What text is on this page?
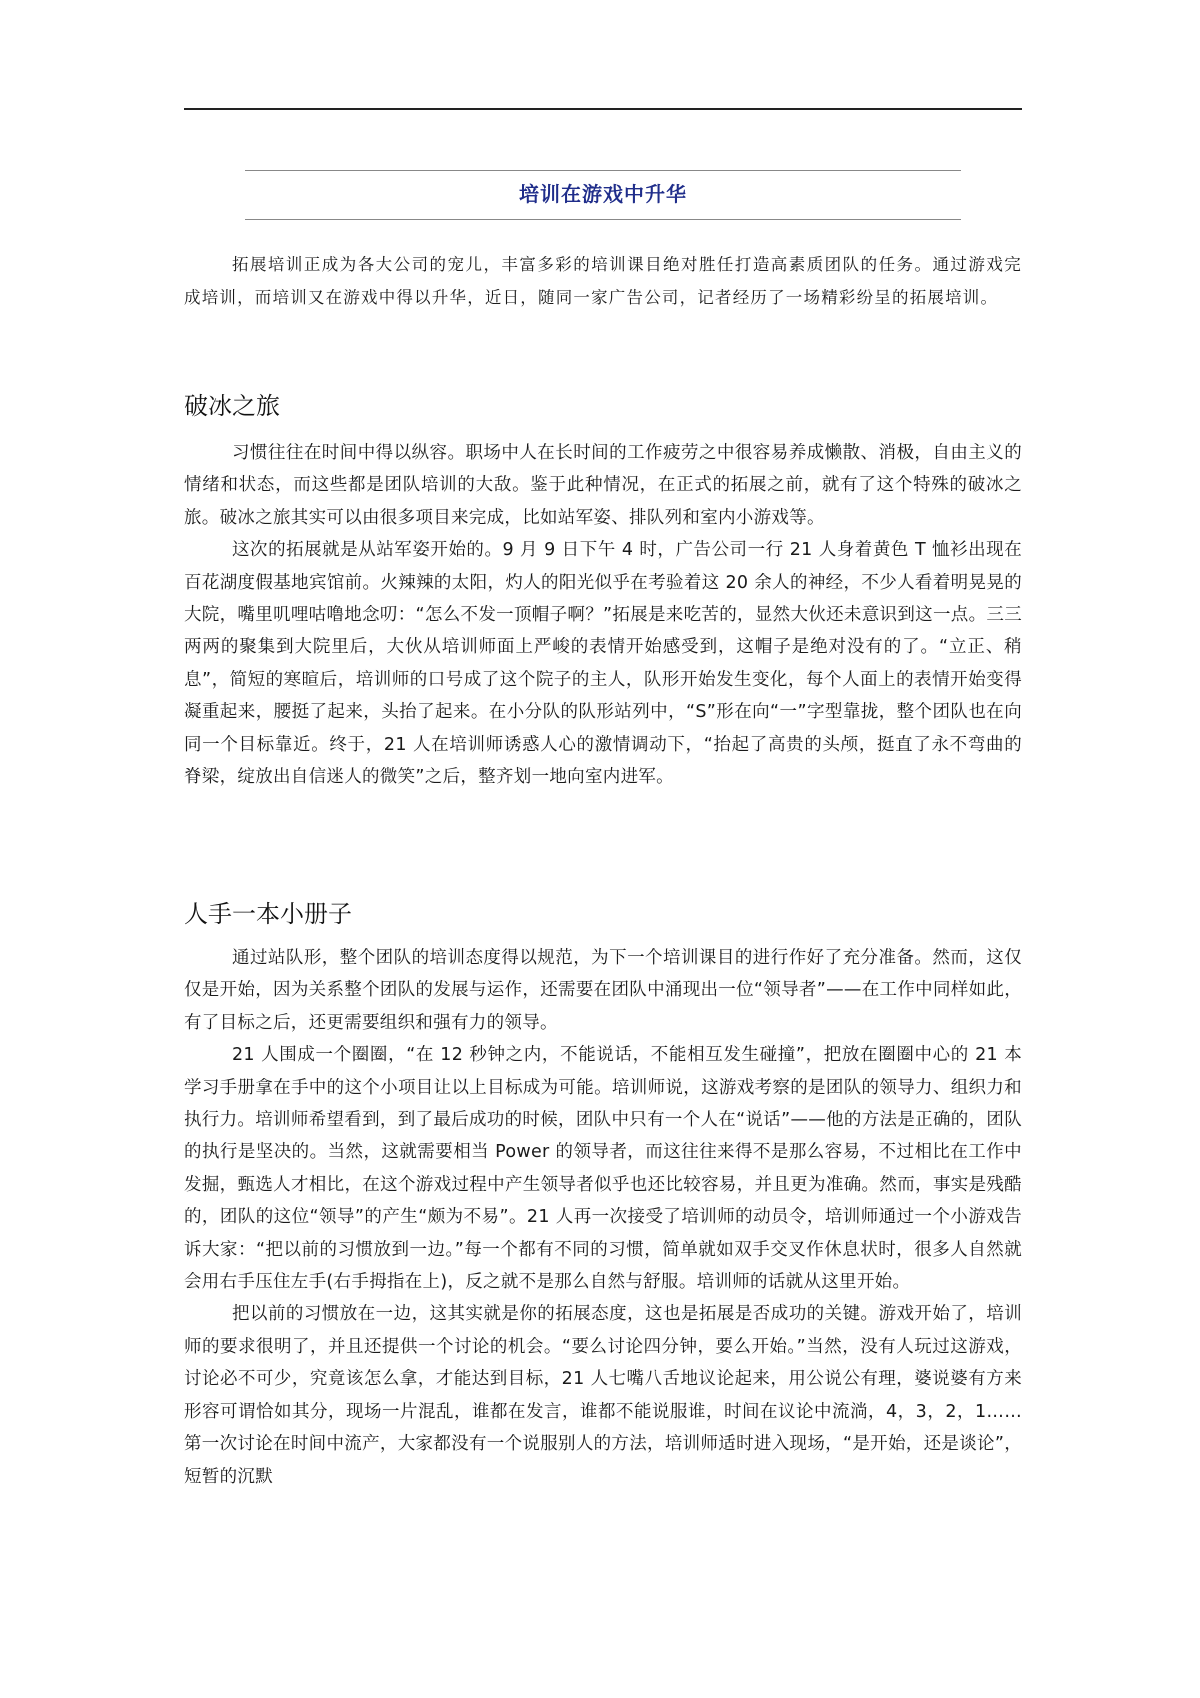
培训在游戏中升华

拓展培训正成为各大公司的宠儿，丰富多彩的培训课目绝对胜任打造高素质团队的任务。通过游戏完成培训，而培训又在游戏中得以升华，近日，随同一家广告公司，记者经历了一场精彩纷呈的拓展培训。

破冰之旅

习惯往往在时间中得以纵容。职场中人在长时间的工作疲劳之中很容易养成懒散、消极，自由主义的情绪和状态，而这些都是团队培训的大敌。鉴于此种情况，在正式的拓展之前，就有了这个特殊的破冰之旅。破冰之旅其实可以由很多项目来完成，比如站军姿、排队列和室内小游戏等。

这次的拓展就是从站军姿开始的。9 月 9 日下午 4 时，广告公司一行 21 人身着黄色 T 恤衫出现在百花湖度假基地宾馆前。火辣辣的太阳，灼人的阳光似乎在考验着这 20 余人的神经，不少人看着明晃晃的大院，嘴里叽哩咕噜地念叨：“怎么不发一顶帽子啊？”拓展是来吃苦的，显然大伙还未意识到这一点。三三两两的聚集到大院里后，大伙从培训师面上严峻的表情开始感受到，这帽子是绝对没有的了。“立正、稍息”，简短的寒暄后，培训师的口号成了这个院子的主人，队形开始发生变化，每个人面上的表情开始变得凝重起来，腰挺了起来，头抬了起来。在小分队的队形站列中，“S”形在向“一”字型靠拢，整个团队也在向同一个目标靠近。终于，21 人在培训师诱惑人心的激情调动下，“抬起了高贵的头颅，挺直了永不弯曲的脊梁，绽放出自信迷人的微笑”之后，整齐划一地向室内进军。

人手一本小册子

通过站队形，整个团队的培训态度得以规范，为下一个培训课目的进行作好了充分准备。然而，这仅仅是开始，因为关系整个团队的发展与运作，还需要在团队中涌现出一位“领导者”——在工作中同样如此，有了目标之后，还更需要组织和强有力的领导。

21 人围成一个圈圈，“在 12 秒钟之内，不能说话，不能相互发生碰撞”，把放在圈圈中心的 21 本学习手册拿在手中的这个小项目让以上目标成为可能。培训师说，这游戏考察的是团队的领导力、组织力和执行力。培训师希望看到，到了最后成功的时候，团队中只有一个人在“说话”——他的方法是正确的，团队的执行是坚决的。当然，这就需要相当 Power 的领导者，而这往往来得不是那么容易，不过相比在工作中发掘，甄选人才相比，在这个游戏过程中产生领导者似乎也还比较容易，并且更为准确。然而，事实是残酷的，团队的这位“领导”的产生“颇为不易”。21 人再一次接受了培训师的动员令，培训师通过一个小游戏告诉大家：“把以前的习惯放到一边。”每一个都有不同的习惯，简单就如双手交叉作休息状时，很多人自然就会用右手压住左手(右手拇指在上)，反之就不是那么自然与舒服。培训师的话就从这里开始。

把以前的习惯放在一边，这其实就是你的拓展态度，这也是拓展是否成功的关键。游戏开始了，培训师的要求很明了，并且还提供一个讨论的机会。“要么讨论四分钟，要么开始。”当然，没有人玩过这游戏，讨论必不可少，究竟该怎么拿，才能达到目标，21 人七嘴八舌地议论起来，用公说公有理，婆说婆有方来形容可谓恰如其分，现场一片混乱，谁都在发言，谁都不能说服谁，时间在议论中流淌，4，3，2，1……第一次讨论在时间中流产，大家都没有一个说服别人的方法，培训师适时进入现场，“是开始，还是谈论”，短暂的沉默
